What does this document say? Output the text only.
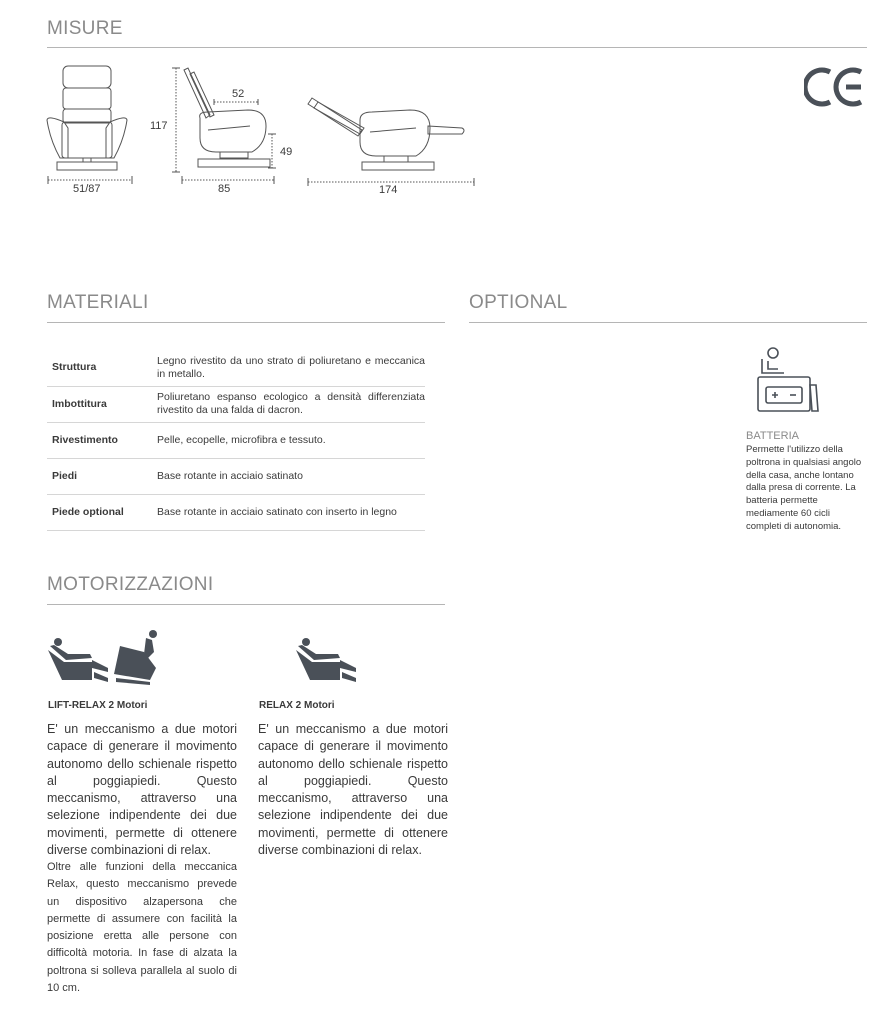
MISURE
51/87
117
52
49
85	174
MATERIALI
Struttura	Legno rivestito da uno strato di poliuretano e meccanica in metallo.
Imbottitura	Poliuretano espanso ecologico a densità differenziata rivestito da una falda di dacron.
Rivestimento	Pelle, ecopelle, microfibra e tessuto.
Piedi	Base rotante in acciaio satinato
Piede optional	Base rotante in acciaio satinato con inserto in legno
OPTIONAL
BATTERIA
Permette l'utilizzo della poltrona in qualsiasi angolo della casa, anche lontano dalla presa di corrente. La batteria permette mediamente 60 cicli completi di autonomia.
MOTORIZZAZIONI
LIFT-RELAX 2 Motori
E' un meccanismo a due motori capace di generare il movimento autonomo dello schienale rispetto al poggiapiedi. Questo meccanismo, attraverso una selezione indipendente dei due movimenti, permette di ottenere diverse combinazioni di relax.
Oltre alle funzioni della meccanica Relax, questo meccanismo prevede un dispositivo alzapersona che permette di assumere con facilità la posizione eretta alle persone con difficoltà motoria. In fase di alzata la poltrona si solleva parallela al suolo di 10 cm.
RELAX 2 Motori
E' un meccanismo a due motori capace di generare il movimento autonomo dello schienale rispetto al poggiapiedi. Questo meccanismo, attraverso una selezione indipendente dei due movimenti, permette di ottenere diverse combinazioni di relax.
